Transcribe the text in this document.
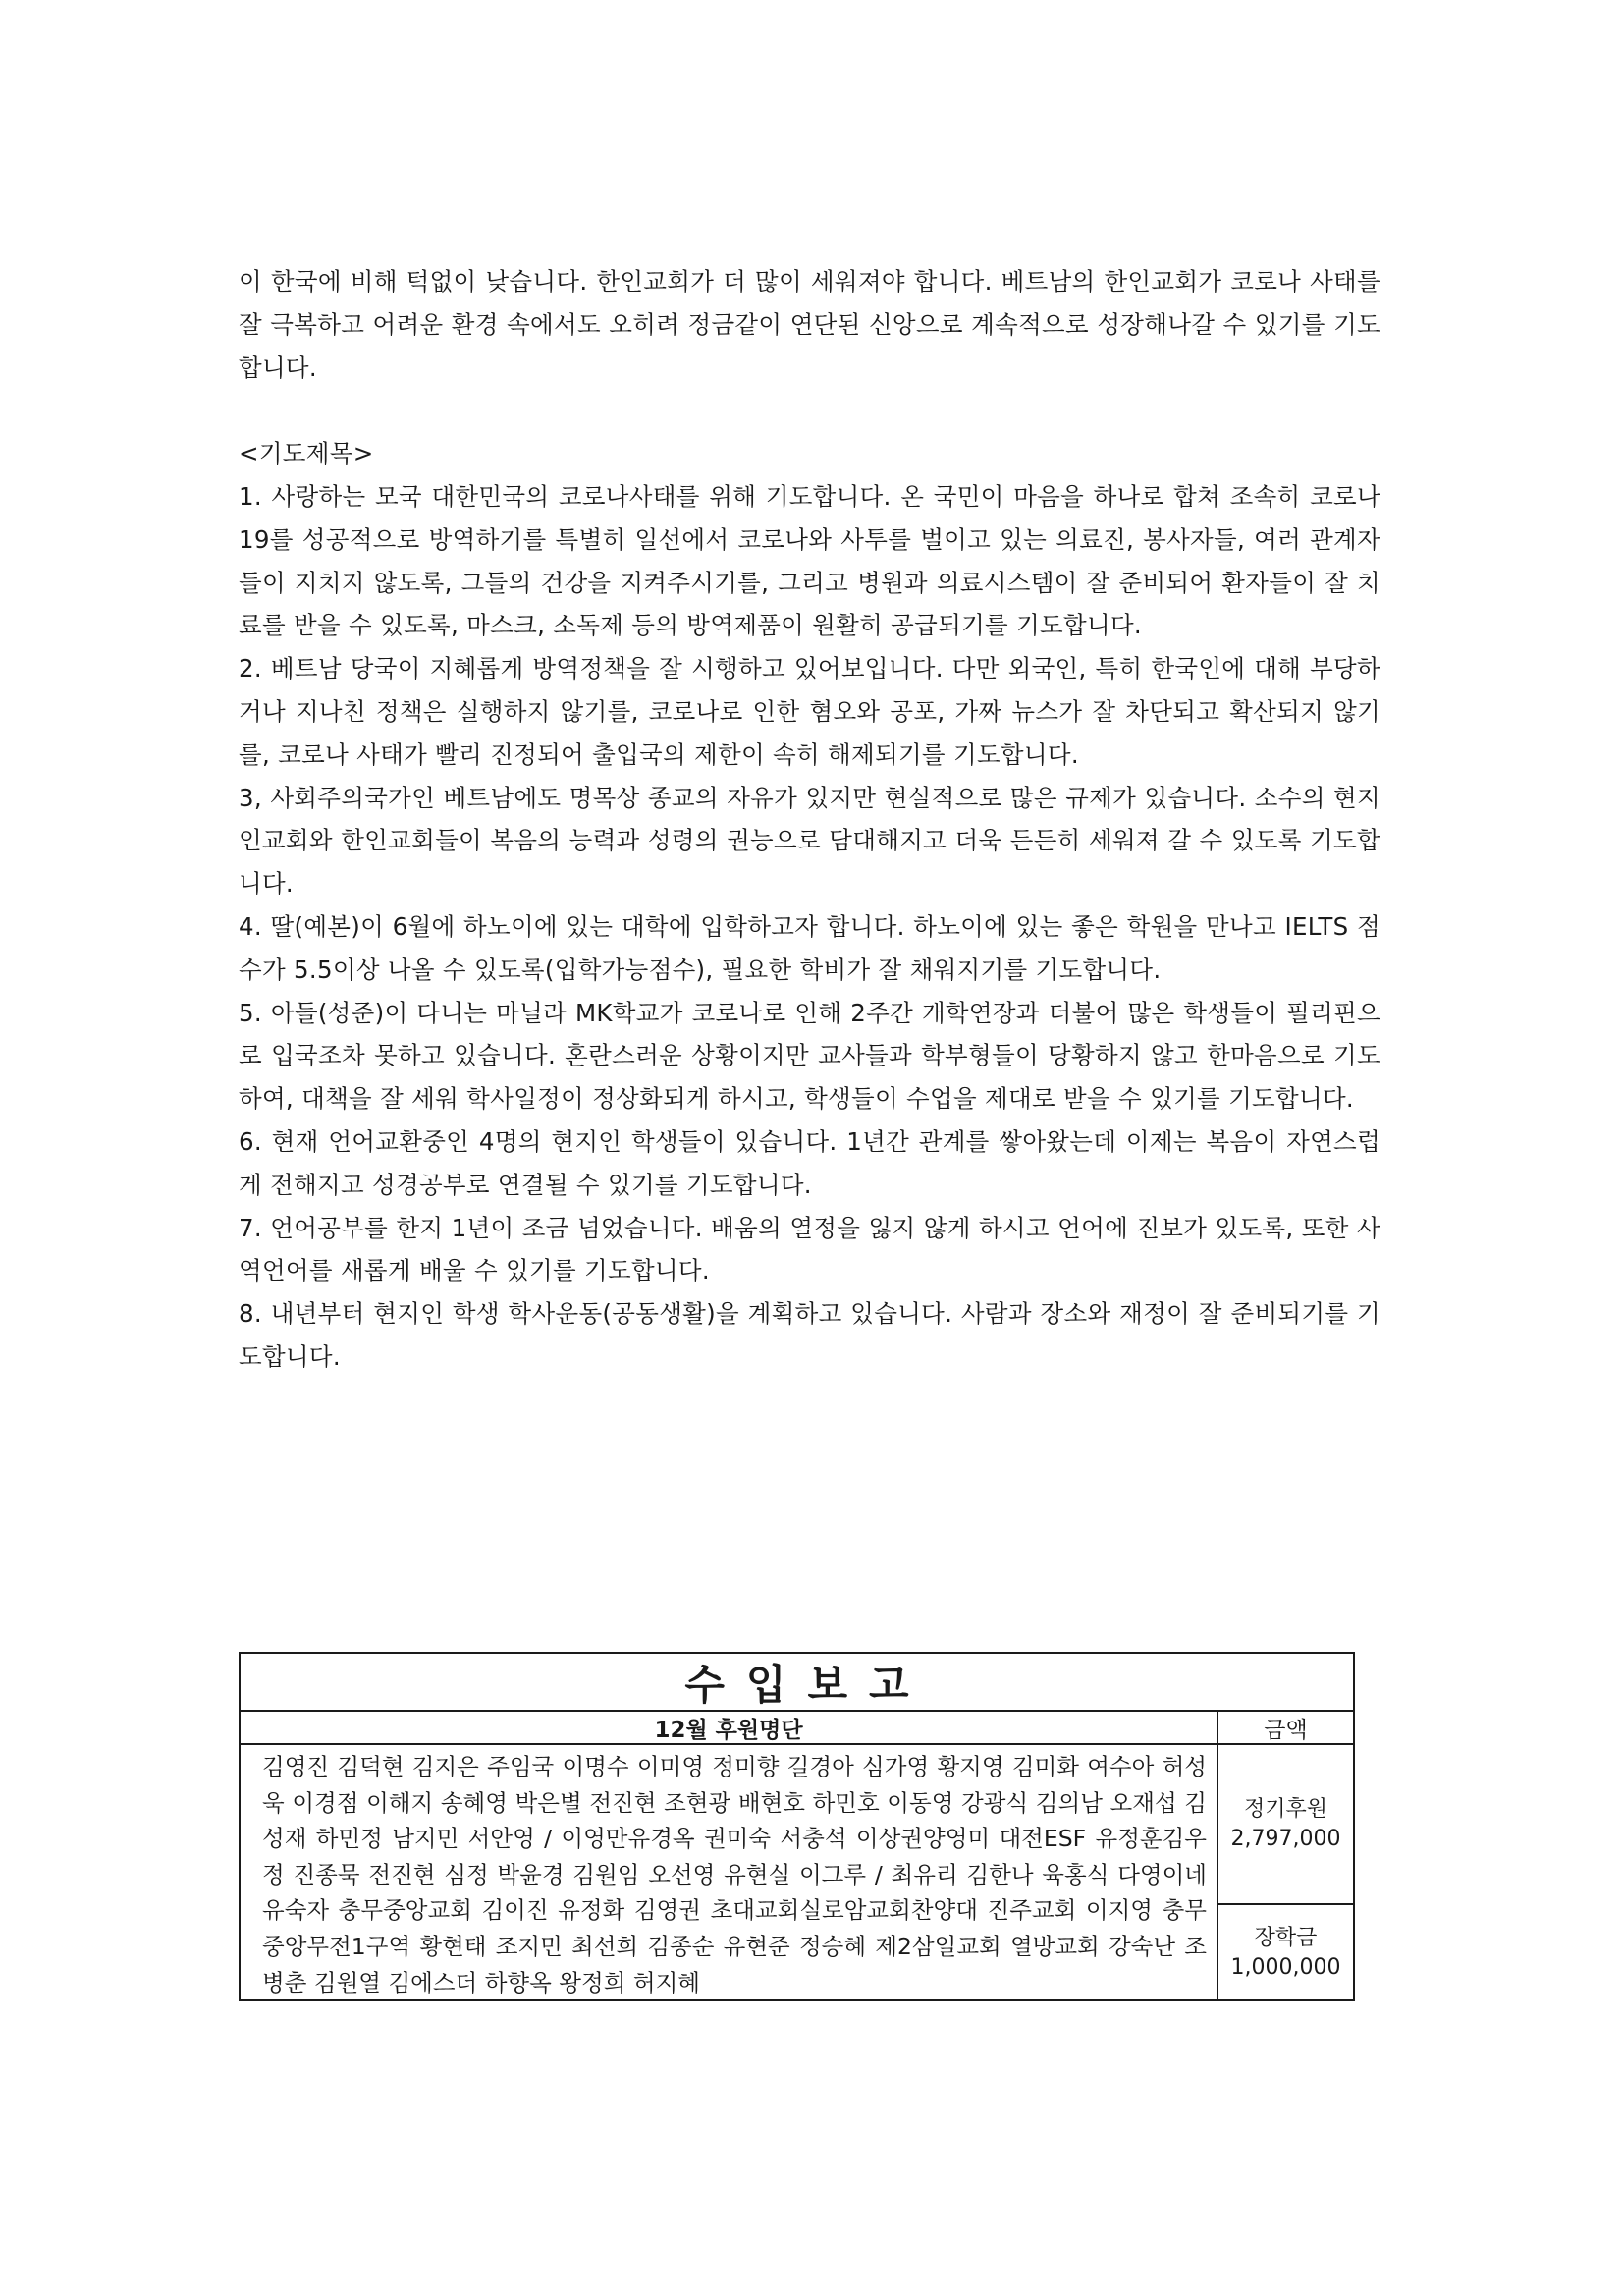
이 한국에 비해 턱없이 낮습니다. 한인교회가 더 많이 세워져야 합니다. 베트남의 한인교회가 코로나 사태를 잘 극복하고 어려운 환경 속에서도 오히려 정금같이 연단된 신앙으로 계속적으로 성장해나갈 수 있기를 기도합니다.

<기도제목>

1. 사랑하는 모국 대한민국의 코로나사태를 위해 기도합니다. 온 국민이 마음을 하나로 합쳐 조속히 코로나19를 성공적으로 방역하기를 특별히 일선에서 코로나와 사투를 벌이고 있는 의료진, 봉사자들, 여러 관계자들이 지치지 않도록, 그들의 건강을 지켜주시기를, 그리고 병원과 의료시스템이 잘 준비되어 환자들이 잘 치료를 받을 수 있도록, 마스크, 소독제 등의 방역제품이 원활히 공급되기를 기도합니다.

2. 베트남 당국이 지혜롭게 방역정책을 잘 시행하고 있어보입니다. 다만 외국인, 특히 한국인에 대해 부당하거나 지나친 정책은 실행하지 않기를, 코로나로 인한 혐오와 공포, 가짜 뉴스가 잘 차단되고 확산되지 않기를, 코로나 사태가 빨리 진정되어 출입국의 제한이 속히 해제되기를 기도합니다.

3, 사회주의국가인 베트남에도 명목상 종교의 자유가 있지만 현실적으로 많은 규제가 있습니다. 소수의 현지인교회와 한인교회들이 복음의 능력과 성령의 권능으로 담대해지고 더욱 든든히 세워져 갈 수 있도록 기도합니다.

4. 딸(예본)이 6월에 하노이에 있는 대학에 입학하고자 합니다. 하노이에 있는 좋은 학원을 만나고 IELTS 점수가 5.5이상 나올 수 있도록(입학가능점수), 필요한 학비가 잘 채워지기를 기도합니다.

5. 아들(성준)이 다니는 마닐라 MK학교가 코로나로 인해 2주간 개학연장과 더불어 많은 학생들이 필리핀으로 입국조차 못하고 있습니다. 혼란스러운 상황이지만 교사들과 학부형들이 당황하지 않고 한마음으로 기도하여, 대책을 잘 세워 학사일정이 정상화되게 하시고, 학생들이 수업을 제대로 받을 수 있기를 기도합니다.

6. 현재 언어교환중인 4명의 현지인 학생들이 있습니다. 1년간 관계를 쌓아왔는데 이제는 복음이 자연스럽게 전해지고 성경공부로 연결될 수 있기를 기도합니다.

7. 언어공부를 한지 1년이 조금 넘었습니다. 배움의 열정을 잃지 않게 하시고 언어에 진보가 있도록, 또한 사역언어를 새롭게 배울 수 있기를 기도합니다.

8. 내년부터 현지인 학생 학사운동(공동생활)을 계획하고 있습니다. 사람과 장소와 재정이 잘 준비되기를 기도합니다.

수입보고
12월 후원명단	금액
김영진 김덕현 김지은 주임국 이명수 이미영 정미향 길경아 심가영 황지영 김미화 여수아 허성욱 이경점 이해지 송혜영 박은별 전진현 조현광 배현호 하민호 이동영 강광식 김의남 오재섭 김성재 하민정 남지민 서안영 / 이영만유경옥 권미숙 서충석 이상권양영미 대전ESF 유정훈김우정 진종묵 전진현 심정 박윤경 김원임 오선영 유현실 이그루 / 최유리 김한나 육홍식 다영이네 유숙자 충무중앙교회 김이진 유정화 김영권 초대교회실로암교회찬양대 진주교회 이지영 충무중앙무전1구역 황현태 조지민 최선희 김종순 유현준 정승혜 제2삼일교회 열방교회 강숙난 조병춘 김원열 김에스더 하향옥 왕정희 허지혜
정기후원
2,797,000
장학금
1,000,000
